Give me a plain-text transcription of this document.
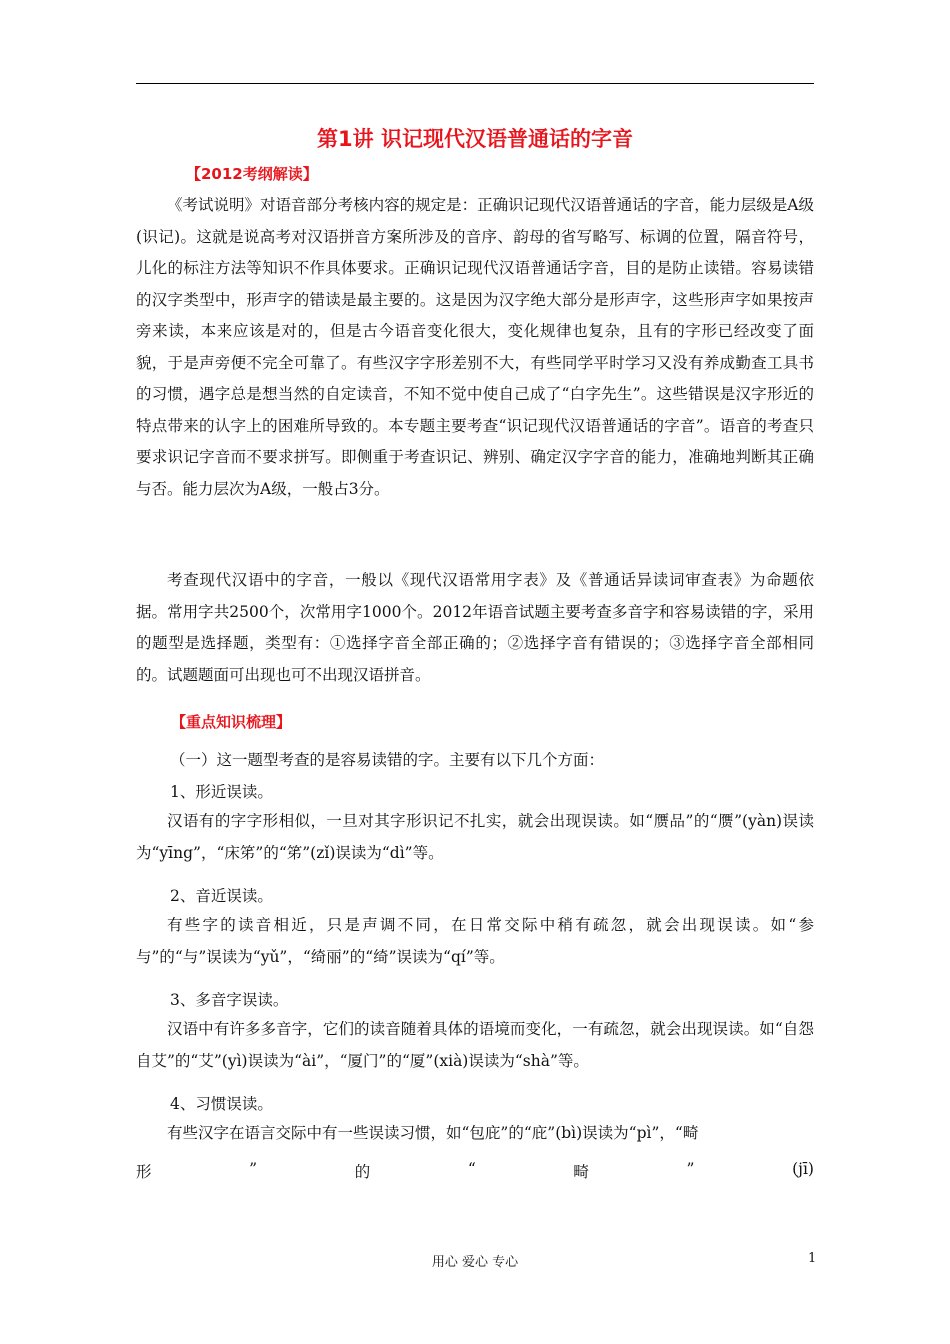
第1讲 识记现代汉语普通话的字音
【2012考纲解读】
《考试说明》对语音部分考核内容的规定是：正确识记现代汉语普通话的字音，能力层级是A级(识记)。这就是说高考对汉语拼音方案所涉及的音序、韵母的省写略写、标调的位置，隔音符号，儿化的标注方法等知识不作具体要求。正确识记现代汉语普通话字音，目的是防止读错。容易读错的汉字类型中，形声字的错读是最主要的。这是因为汉字绝大部分是形声字，这些形声字如果按声旁来读，本来应该是对的，但是古今语音变化很大，变化规律也复杂，且有的字形已经改变了面貌，于是声旁便不完全可靠了。有些汉字字形差别不大，有些同学平时学习又没有养成勤查工具书的习惯，遇字总是想当然的自定读音，不知不觉中使自己成了“白字先生”。这些错误是汉字形近的特点带来的认字上的困难所导致的。本专题主要考查“识记现代汉语普通话的字音”。语音的考查只要求识记字音而不要求拼写。即侧重于考查识记、辨别、确定汉字字音的能力，准确地判断其正确与否。能力层次为A级，一般占3分。
考查现代汉语中的字音，一般以《现代汉语常用字表》及《普通话异读词审查表》为命题依据。常用字共2500个，次常用字1000个。2012年语音试题主要考查多音字和容易读错的字，采用的题型是选择题，类型有：①选择字音全部正确的；②选择字音有错误的；③选择字音全部相同的。试题题面可出现也可不出现汉语拼音。
【重点知识梳理】
（一）这一题型考查的是容易读错的字。主要有以下几个方面：
1、形近误读。
汉语有的字字形相似，一旦对其字形识记不扎实，就会出现误读。如“赝品”的“赝”(yàn)误读为“yīng”，“床笫”的“笫”(zǐ)误读为“dì”等。
2、音近误读。
有些字的读音相近，只是声调不同，在日常交际中稍有疏忽，就会出现误读。如“参与”的“与”误读为“yǔ”，“绮丽”的“绮”误读为“qí”等。
3、多音字误读。
汉语中有许多多音字，它们的读音随着具体的语境而变化，一有疏忽，就会出现误读。如“自怨自艾”的“艾”(yì)误读为“ài”，“厦门”的“厦”(xià)误读为“shà”等。
4、习惯误读。
有些汉字在语言交际中有一些误读习惯，如“包庇”的“庇”(bì)误读为“pì”，“畸
形	”	的	“	畸	”	(jī)
用心 爱心 专心	1
